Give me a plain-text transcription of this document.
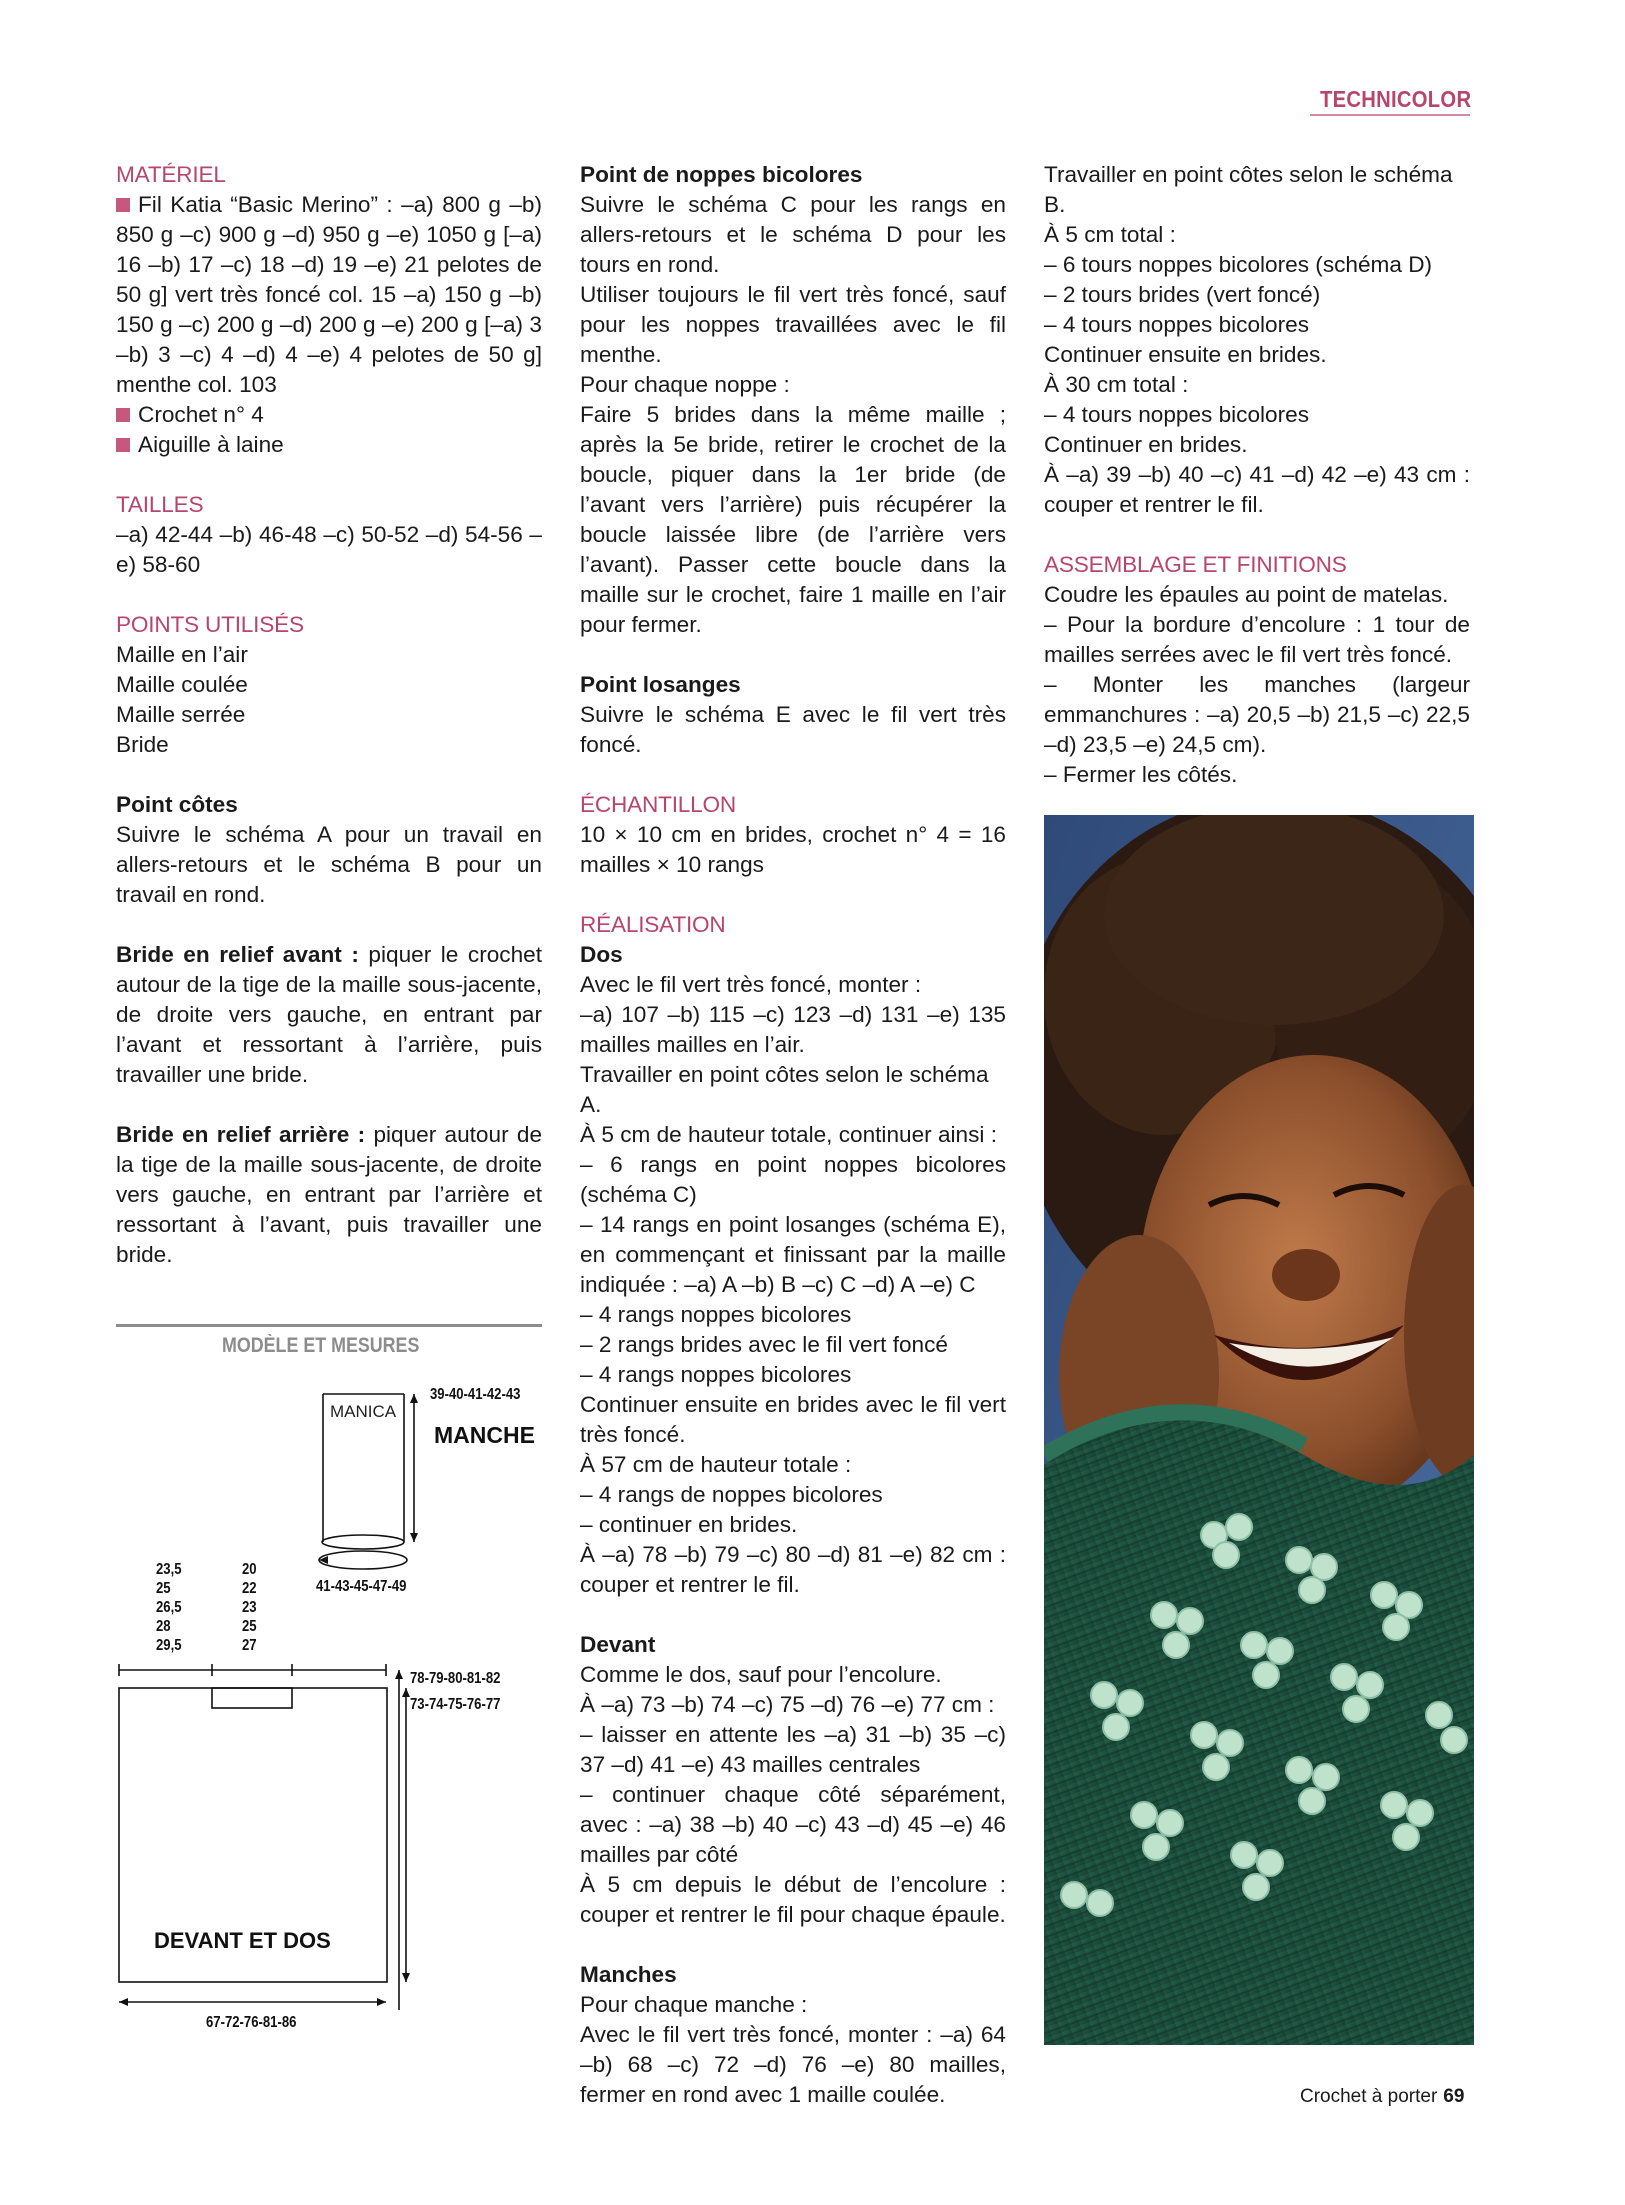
TECHNICOLOR

MATÉRIEL

Fil Katia “Basic Merino” : –a) 800 g –b) 850 g –c) 900 g –d) 950 g –e) 1050 g [–a) 16 –b) 17 –c) 18 –d) 19 –e) 21 pelotes de 50 g] vert très foncé col. 15 –a) 150 g –b) 150 g –c) 200 g –d) 200 g –e) 200 g [–a) 3 –b) 3 –c) 4 –d) 4 –e) 4 pelotes de 50 g] menthe col. 103

Crochet n° 4

Aiguille à laine

TAILLES

–a) 42-44 –b) 46-48 –c) 50-52 –d) 54-56 –e) 58-60

POINTS UTILISÉS

Maille en l’air

Maille coulée

Maille serrée

Bride

Point côtes

Suivre le schéma A pour un travail en allers-retours et le schéma B pour un travail en rond.

Bride en relief avant : piquer le crochet autour de la tige de la maille sous-jacente, de droite vers gauche, en entrant par l’avant et ressortant à l’arrière, puis travailler une bride.

Bride en relief arrière : piquer autour de la tige de la maille sous-jacente, de droite vers gauche, en entrant par l’arrière et ressortant à l’avant, puis travailler une bride.

MODÈLE ET MESURES
MANICA
39-40-41-42-43
MANCHE
41-43-45-47-49
23,5
25
26,5
28
29,5
20
22
23
25
27
78-79-80-81-82
73-74-75-76-77
DEVANT ET DOS
67-72-76-81-86

Point de noppes bicolores

Suivre le schéma C pour les rangs en allers-retours et le schéma D pour les tours en rond.

Utiliser toujours le fil vert très foncé, sauf pour les noppes travaillées avec le fil menthe.

Pour chaque noppe :

Faire 5 brides dans la même maille ; après la 5e bride, retirer le crochet de la boucle, piquer dans la 1er bride (de l’avant vers l’arrière) puis récupérer la boucle laissée libre (de l’arrière vers l’avant). Passer cette boucle dans la maille sur le crochet, faire 1 maille en l’air pour fermer.

Point losanges

Suivre le schéma E avec le fil vert très foncé.

ÉCHANTILLON

10 × 10 cm en brides, crochet n° 4 = 16 mailles × 10 rangs

RÉALISATION

Dos

Avec le fil vert très foncé, monter :

–a) 107 –b) 115 –c) 123 –d) 131 –e) 135 mailles mailles en l’air.

Travailler en point côtes selon le schéma A.

À 5 cm de hauteur totale, continuer ainsi :

– 6 rangs en point noppes bicolores (schéma C)

– 14 rangs en point losanges (schéma E), en commençant et finissant par la maille indiquée : –a) A –b) B –c) C –d) A –e) C

– 4 rangs noppes bicolores

– 2 rangs brides avec le fil vert foncé

– 4 rangs noppes bicolores

Continuer ensuite en brides avec le fil vert très foncé.

À 57 cm de hauteur totale :

– 4 rangs de noppes bicolores

– continuer en brides.

À –a) 78 –b) 79 –c) 80 –d) 81 –e) 82 cm : couper et rentrer le fil.

Devant

Comme le dos, sauf pour l’encolure.

À –a) 73 –b) 74 –c) 75 –d) 76 –e) 77 cm :

– laisser en attente les –a) 31 –b) 35 –c) 37 –d) 41 –e) 43 mailles centrales

– continuer chaque côté séparément, avec : –a) 38 –b) 40 –c) 43 –d) 45 –e) 46 mailles par côté

À 5 cm depuis le début de l’encolure : couper et rentrer le fil pour chaque épaule.

Manches

Pour chaque manche :

Avec le fil vert très foncé, monter : –a) 64 –b) 68 –c) 72 –d) 76 –e) 80 mailles, fermer en rond avec 1 maille coulée.

Travailler en point côtes selon le schéma B.

À 5 cm total :

– 6 tours noppes bicolores (schéma D)

– 2 tours brides (vert foncé)

– 4 tours noppes bicolores

Continuer ensuite en brides.

À 30 cm total :

– 4 tours noppes bicolores

Continuer en brides.

À –a) 39 –b) 40 –c) 41 –d) 42 –e) 43 cm : couper et rentrer le fil.

ASSEMBLAGE ET FINITIONS

Coudre les épaules au point de matelas.

– Pour la bordure d’encolure : 1 tour de mailles serrées avec le fil vert très foncé.

– Monter les manches (largeur emmanchures : –a) 20,5 –b) 21,5 –c) 22,5 –d) 23,5 –e) 24,5 cm).

– Fermer les côtés.

Crochet à porter 69
